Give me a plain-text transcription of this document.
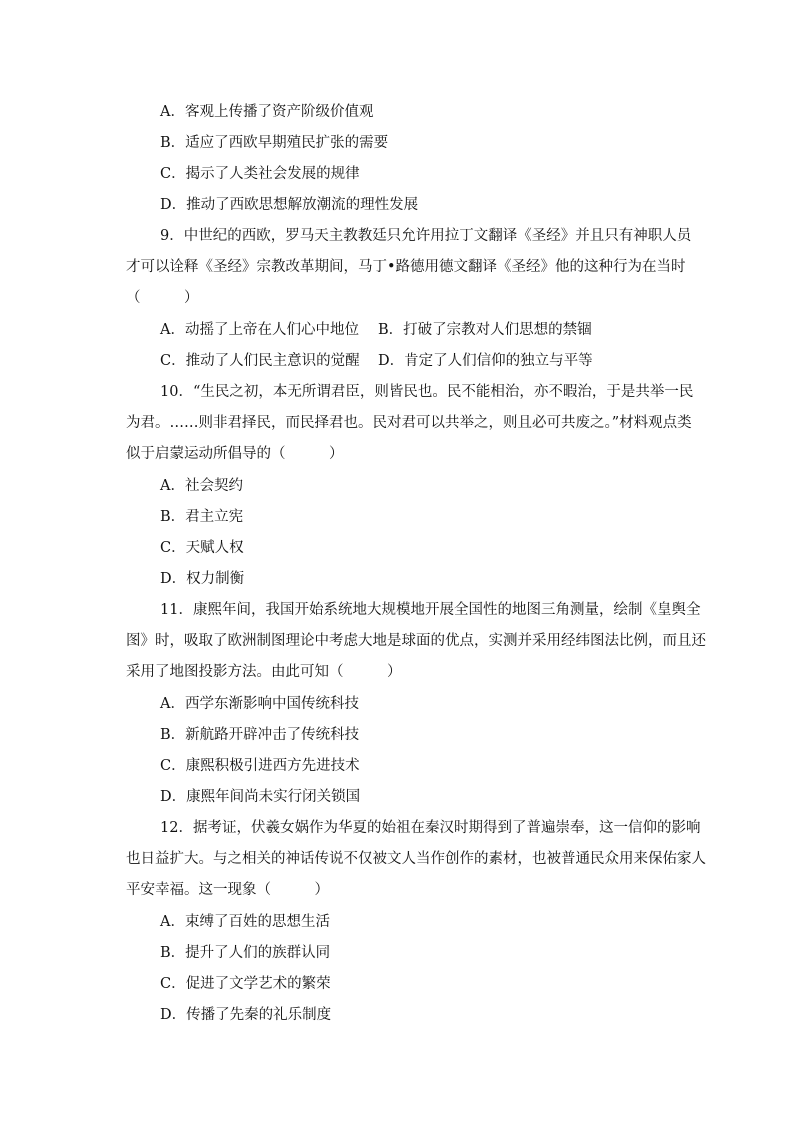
A．客观上传播了资产阶级价值观
B．适应了西欧早期殖民扩张的需要
C．揭示了人类社会发展的规律
D．推动了西欧思想解放潮流的理性发展
9．中世纪的西欧，罗马天主教教廷只允许用拉丁文翻译《圣经》并且只有神职人员
才可以诠释《圣经》宗教改革期间，马丁•路德用德文翻译《圣经》他的这种行为在当时
（　　　）
A．动摇了上帝在人们心中地位 B．打破了宗教对人们思想的禁锢
C．推动了人们民主意识的觉醒 D．肯定了人们信仰的独立与平等
10．“生民之初，本无所谓君臣，则皆民也。民不能相治，亦不暇治，于是共举一民
为君。……则非君择民，而民择君也。民对君可以共举之，则且必可共废之。”材料观点类
似于启蒙运动所倡导的（　　　）
A．社会契约
B．君主立宪
C．天赋人权
D．权力制衡
11．康熙年间，我国开始系统地大规模地开展全国性的地图三角测量，绘制《皇舆全
图》时，吸取了欧洲制图理论中考虑大地是球面的优点，实测并采用经纬图法比例，而且还
采用了地图投影方法。由此可知（　　　）
A．西学东渐影响中国传统科技
B．新航路开辟冲击了传统科技
C．康熙积极引进西方先进技术
D．康熙年间尚未实行闭关锁国
12．据考证，伏羲女娲作为华夏的始祖在秦汉时期得到了普遍崇奉，这一信仰的影响
也日益扩大。与之相关的神话传说不仅被文人当作创作的素材，也被普通民众用来保佑家人
平安幸福。这一现象（　　　）
A．束缚了百姓的思想生活
B．提升了人们的族群认同
C．促进了文学艺术的繁荣
D．传播了先秦的礼乐制度
